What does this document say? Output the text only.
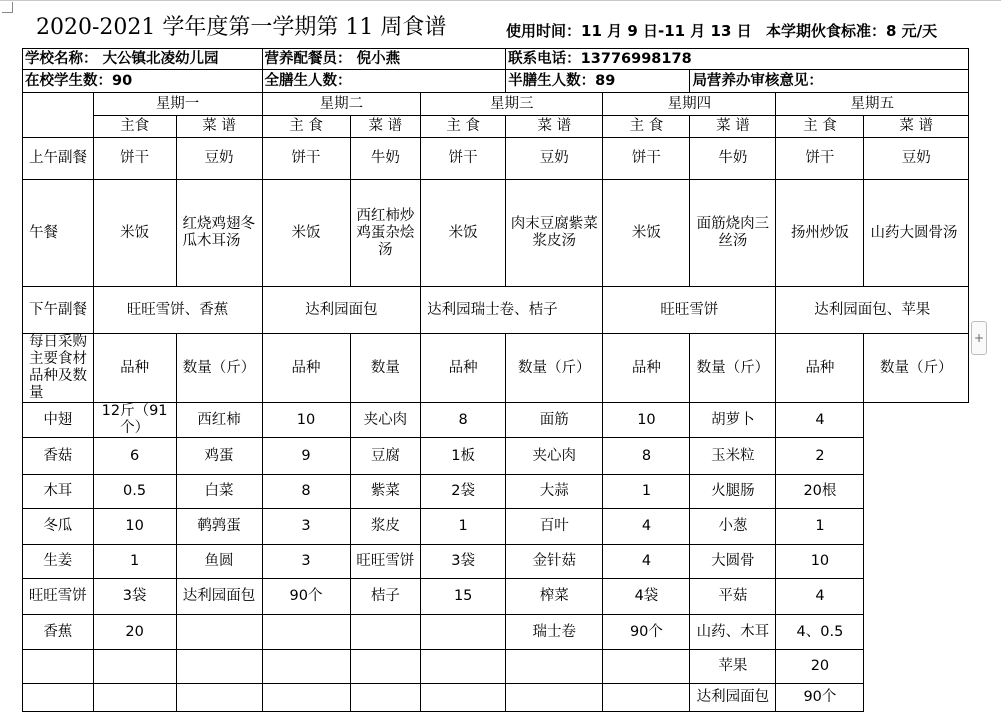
2020-2021 学年度第一学期第 11 周食谱	使用时间：11 月 9 日-11 月 13 日 本学期伙食标准：8 元/天
学校名称： 大公镇北凌幼儿园			营养配餐员： 倪小燕			联系电话：13776998178				
在校学生数：90			全膳生人数：			半膳生人数：89		局营养办审核意见：		
	星期一		星期二		星期三		星期四		星期五	
	主食	菜 谱	主 食	菜 谱	主 食	菜 谱	主 食	菜 谱	主 食	菜 谱
上午副餐	饼干	豆奶	饼干	牛奶	饼干	豆奶	饼干	牛奶	饼干	豆奶
午餐	米饭	红烧鸡翅冬瓜木耳汤	米饭	西红柿炒鸡蛋杂烩汤	米饭	肉末豆腐紫菜浆皮汤	米饭	面筋烧肉三丝汤	扬州炒饭	山药大圆骨汤
下午副餐	旺旺雪饼、香蕉		达利园面包		达利园瑞士卷、桔子		旺旺雪饼		达利园面包、苹果	
每日采购主要食材品种及数量	品种	数量（斤）	品种	数量	品种	数量（斤）	品种	数量（斤）	品种	数量（斤）
中翅	12斤（91个）	西红柿	10	夹心肉	8	面筋	10	胡萝卜	4	
香菇	6	鸡蛋	9	豆腐	1板	夹心肉	8	玉米粒	2	
木耳	0.5	白菜	8	紫菜	2袋	大蒜	1	火腿肠	20根	
冬瓜	10	鹌鹑蛋	3	浆皮	1	百叶	4	小葱	1	
生姜	1	鱼圆	3	旺旺雪饼	3袋	金针菇	4	大圆骨	10	
旺旺雪饼	3袋	达利园面包	90个	桔子	15	榨菜	4袋	平菇	4	
香蕉	20					瑞士卷	90个	山药、木耳	4、0.5	
								苹果	20	
								达利园面包	90个	
+
